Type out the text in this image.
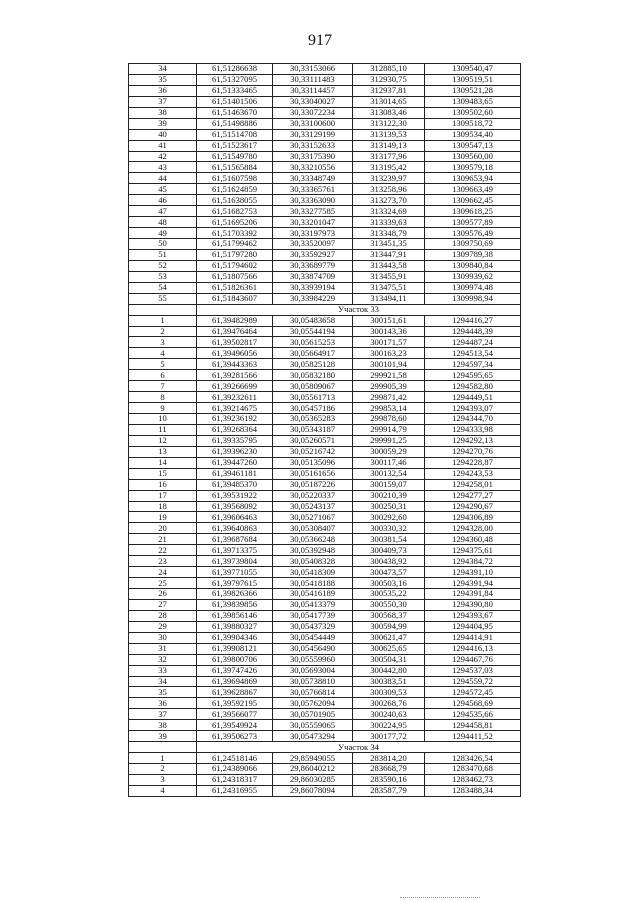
917
34	61,51286638	30,33153066	312885,10	1309540,47
35	61,51327095	30,33111483	312930,75	1309519,51
36	61,51333465	30,33114457	312937,81	1309521,28
37	61,51401506	30,33040027	313014,65	1309483,65
38	61,51463670	30,33072234	313083,46	1309502,60
39	61,51498886	30,33100600	313122,30	1309518,72
40	61,51514708	30,33129199	313139,53	1309534,40
41	61,51523617	30,33152633	313149,13	1309547,13
42	61,51549780	30,33175390	313177,96	1309560,00
43	61,51565884	30,33210556	313195,42	1309579,18
44	61,51607598	30,33348749	313239,97	1309653,94
45	61,51624859	30,33365761	313258,96	1309663,49
46	61,51638055	30,33363090	313273,70	1309662,45
47	61,51682753	30,33277585	313324,69	1309618,25
48	61,51695206	30,33201047	313339,63	1309577,89
49	61,51703392	30,33197973	313348,79	1309576,49
50	61,51799462	30,33520097	313451,35	1309750,69
51	61,51797280	30,33592927	313447,91	1309789,38
52	61,51794602	30,33689779	313443,58	1309840,84
53	61,51807566	30,33874709	313455,91	1309939,62
54	61,51826361	30,33939194	313475,51	1309974,48
55	61,51843607	30,33984229	313494,11	1309998,94
	Участок 33			
1	61,39482989	30,05483658	300151,61	1294416,27
2	61,39476464	30,05544194	300143,36	1294448,39
3	61,39502817	30,05615253	300171,57	1294487,24
4	61,39496056	30,05664917	300163,23	1294513,54
5	61,39443363	30,05825128	300101,94	1294597,34
6	61,39281566	30,05832180	299921,58	1294595,65
7	61,39266699	30,05809067	299905,39	1294582,80
8	61,39232611	30,05561713	299871,42	1294449,51
9	61,39214675	30,05457186	299853,14	1294393,07
10	61,39236192	30,05365283	299878,60	1294344,70
11	61,39268364	30,05343187	299914,79	1294333,98
12	61,39335795	30,05260571	299991,25	1294292,13
13	61,39396230	30,05216742	300059,29	1294270,76
14	61,39447260	30,05135096	300117,46	1294228,87
15	61,39461181	30,05161656	300132,54	1294243,53
16	61,39485370	30,05187226	300159,07	1294258,01
17	61,39531922	30,05220337	300210,39	1294277,27
18	61,39568092	30,05243137	300250,31	1294290,67
19	61,39606463	30,05271067	300292,60	1294306,89
20	61,39640863	30,05308407	300330,32	1294328,00
21	61,39687684	30,05366248	300381,54	1294360,48
22	61,39713375	30,05392948	300409,73	1294375,61
23	61,39739804	30,05408328	300438,92	1294384,72
24	61,39771055	30,05418309	300473,57	1294391,10
25	61,39797615	30,05418188	300503,16	1294391,94
26	61,39826366	30,05416189	300535,22	1294391,84
27	61,39839856	30,05413379	300550,30	1294390,80
28	61,39856146	30,05417739	300568,37	1294393,67
29	61,39880327	30,05437329	300594,99	1294404,95
30	61,39904346	30,05454449	300621,47	1294414,91
31	61,39908121	30,05456490	300625,65	1294416,13
32	61,39800706	30,05559960	300504,31	1294467,76
33	61,39747426	30,05693004	300442,80	1294537,03
34	61,39694869	30,05738810	300383,51	1294559,72
35	61,39628867	30,05766814	300309,53	1294572,45
36	61,39592195	30,05762094	300268,76	1294568,69
37	61,39566077	30,05701905	300240,63	1294535,66
38	61,39549924	30,05559065	300224,95	1294458,81
39	61,39506273	30,05473294	300177,72	1294411,52
	Участок 34			
1	61,24518146	29,85949055	283814,20	1283426,54
2	61,24389066	29,86040212	283668,79	1283470,68
3	61,24318317	29,86030285	283590,16	1283462,73
4	61,24316955	29,86078094	283587,79	1283488,34
